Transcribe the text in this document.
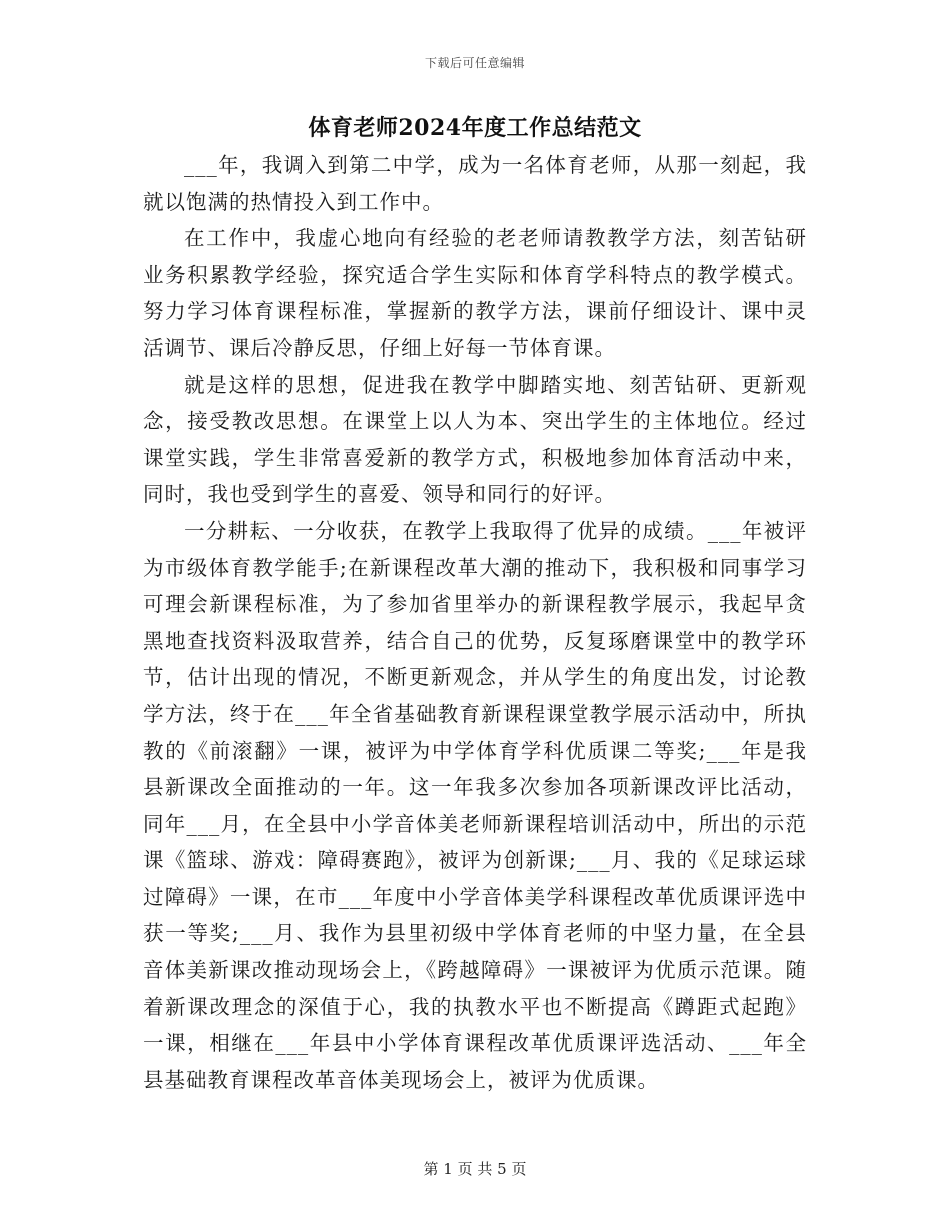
下载后可任意编辑
体育老师2024年度工作总结范文

___年，我调入到第二中学，成为一名体育老师，从那一刻起，我就以饱满的热情投入到工作中。

在工作中，我虚心地向有经验的老老师请教教学方法，刻苦钻研业务积累教学经验，探究适合学生实际和体育学科特点的教学模式。努力学习体育课程标准，掌握新的教学方法，课前仔细设计、课中灵活调节、课后冷静反思，仔细上好每一节体育课。

就是这样的思想，促进我在教学中脚踏实地、刻苦钻研、更新观念，接受教改思想。在课堂上以人为本、突出学生的主体地位。经过课堂实践，学生非常喜爱新的教学方式，积极地参加体育活动中来，同时，我也受到学生的喜爱、领导和同行的好评。

一分耕耘、一分收获，在教学上我取得了优异的成绩。___年被评为市级体育教学能手;在新课程改革大潮的推动下，我积极和同事学习可理会新课程标准，为了参加省里举办的新课程教学展示，我起早贪黑地查找资料汲取营养，结合自己的优势，反复琢磨课堂中的教学环节，估计出现的情况，不断更新观念，并从学生的角度出发，讨论教学方法，终于在___年全省基础教育新课程课堂教学展示活动中，所执教的《前滚翻》一课，被评为中学体育学科优质课二等奖;___年是我县新课改全面推动的一年。这一年我多次参加各项新课改评比活动，同年___月，在全县中小学音体美老师新课程培训活动中，所出的示范课《篮球、游戏：障碍赛跑》，被评为创新课;___月、我的《足球运球过障碍》一课，在市___年度中小学音体美学科课程改革优质课评选中获一等奖;___月、我作为县里初级中学体育老师的中坚力量，在全县音体美新课改推动现场会上，《跨越障碍》一课被评为优质示范课。随着新课改理念的深值于心，我的执教水平也不断提高《蹲距式起跑》一课，相继在___年县中小学体育课程改革优质课评选活动、___年全县基础教育课程改革音体美现场会上，被评为优质课。

第 1 页 共 5 页
